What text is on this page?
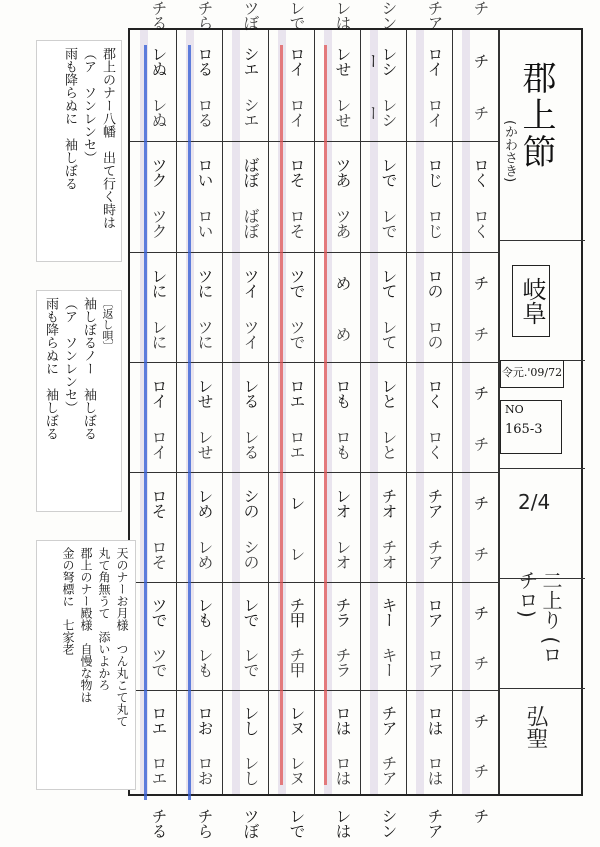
チ
チ
ロく
ロく
チ
チ
チ
チ
チ
チ
チ
チ
チ
チ
チ
チ
ロイ
ロイ
ロじ
ロじ
ロの
ロの
ロく
ロく
チア
チア
ロア
ロア
ロは
ロは
チア
チア
レシー
レシー
レで
レで
レて
レて
レと
レと
チオ
チオ
キー
キー
チア
チア
シン
シン
レせ
レせ
ツあ
ツあ
め
め
ロも
ロも
レオ
レオ
チラ
チラ
ロは
ロは
レは
レは
ロイ
ロイ
ロそ
ロそ
ツで
ツで
ロエ
ロエ
レ
レ
チ甲
チ甲
レヌ
レヌ
レで
レで
シエ
シエ
ばぼ
ばぼ
ツイ
ツイ
レる
レる
シの
シの
レで
レで
レし
レし
ツぼ
ツぼ
ロる
ロる
ロい
ロい
ツに
ツに
レせ
レせ
レめ
レめ
レも
レも
ロお
ロお
チら
チら
レぬ
レぬ
ツク
ツク
レに
レに
ロイ
ロイ
ロそ
ロそ
ツで
ツで
ロエ
ロエ
チる
チる
郡上節
(かわさき)
岐阜
令元.'09/72
NO
165-3
2/4
二上り (ロチロ)
弘聖
郡上のナー八幡　出て行く時は
（ア　ソンレンセ）
雨も降らぬに　袖しぼる
〔返し唄〕
袖しぼるノー　袖しぼる
（ア　ソンレンセ）
雨も降らぬに　袖しぼる
天のナーお月様　つん丸こて丸て
丸て角無うて　添いよかろ
郡上のナー殿様　自慢な物は
金の弩標に　七家老
